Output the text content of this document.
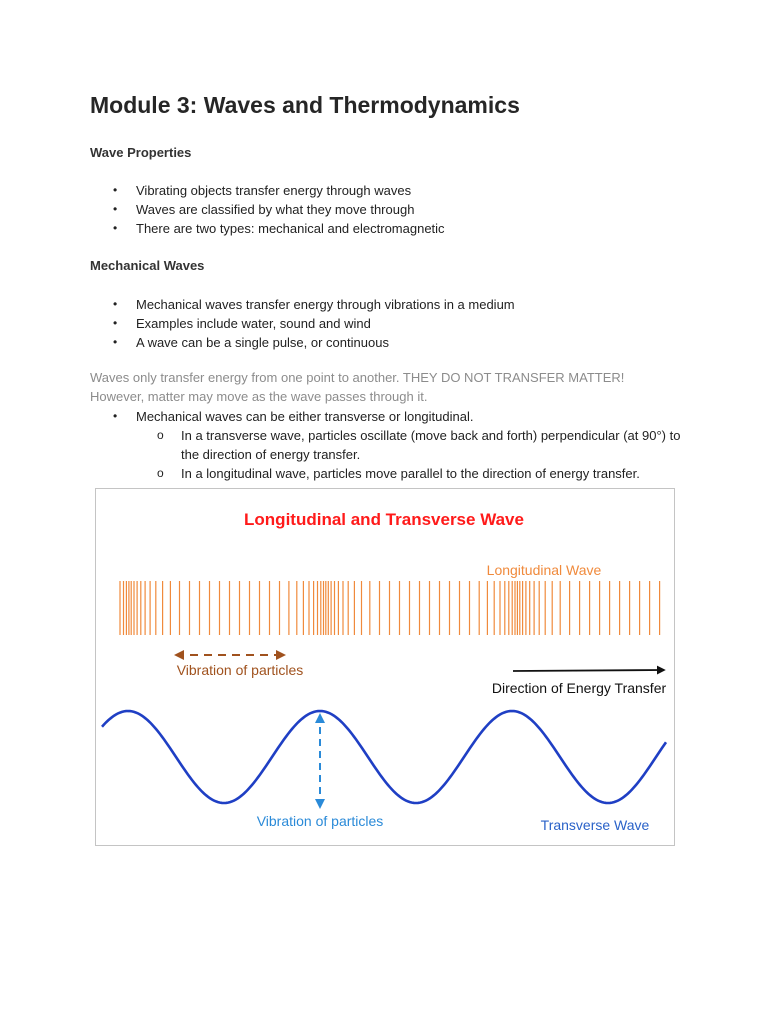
Module 3: Waves and Thermodynamics
Wave Properties
• Vibrating objects transfer energy through waves
• Waves are classified by what they move through
• There are two types: mechanical and electromagnetic
Mechanical Waves
• Mechanical waves transfer energy through vibrations in a medium
• Examples include water, sound and wind
• A wave can be a single pulse, or continuous

Waves only transfer energy from one point to another. THEY DO NOT TRANSFER MATTER! However, matter may move as the wave passes through it.

• Mechanical waves can be either transverse or longitudinal.
o In a transverse wave, particles oscillate (move back and forth) perpendicular (at 90°) to the direction of energy transfer.
o In a longitudinal wave, particles move parallel to the direction of energy transfer.
Longitudinal and Transverse Wave
Longitudinal Wave
Vibration of particles
Direction of Energy Transfer
Vibration of particles	Transverse Wave
